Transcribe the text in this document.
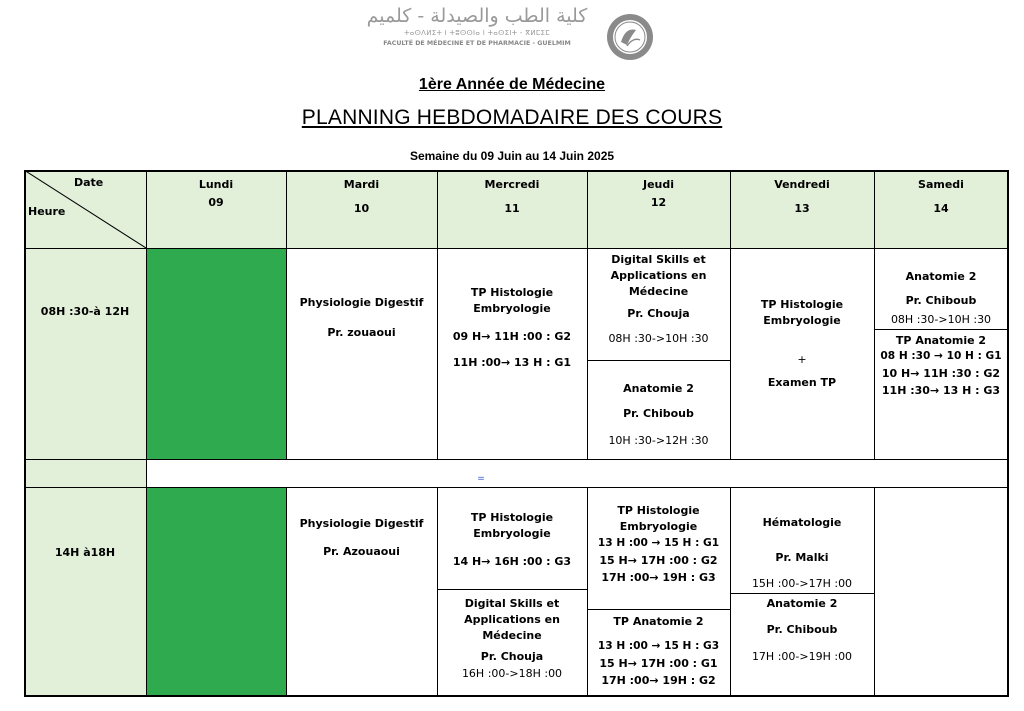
كلية الطب والصيدلة - كلميم
ⵜⴰⵙⴷⵍⵉⵜ ⵏ ⵜⵓⵙⵙⵏⴰ ⵏ ⵜⴰⵙⵉⵏⵜ - ⴳⵍⵎⵉⵎ
FACULTÉ DE MÉDECINE ET DE PHARMACIE - GUELMIM
1ère Année de Médecine
PLANNING HEBDOMADAIRE DES COURS
Semaine du 09 Juin au 14 Juin 2025
Lundi
09
Mardi
10
Mercredi
11
Jeudi
12
Vendredi
13
Samedi
14
Date
Heure
08H :30-à 12H
14H à18H
Physiologie Digestif
Pr. zouaoui
TP Histologie
Embryologie
09 H→ 11H :00 : G2
11H :00→ 13 H : G1
Digital Skills et
Applications en
Médecine
Pr. Chouja
08H :30->10H :30
Anatomie 2
Pr. Chiboub
10H :30->12H :30
TP Histologie
Embryologie
+
Examen TP
Anatomie 2
Pr. Chiboub
08H :30->10H :30
TP Anatomie 2
08 H :30 → 10 H : G1
10 H→ 11H :30 : G2
11H :30→ 13 H : G3
=
Physiologie Digestif
Pr. Azouaoui
TP Histologie
Embryologie
14 H→ 16H :00 : G3
Digital Skills et
Applications en
Médecine
Pr. Chouja
16H :00->18H :00
TP Histologie
Embryologie
13 H :00 → 15 H : G1
15 H→ 17H :00 : G2
17H :00→ 19H : G3
TP Anatomie 2
13 H :00 → 15 H : G3
15 H→ 17H :00 : G1
17H :00→ 19H : G2
Hématologie
Pr. Malki
15H :00->17H :00
Anatomie 2
Pr. Chiboub
17H :00->19H :00
